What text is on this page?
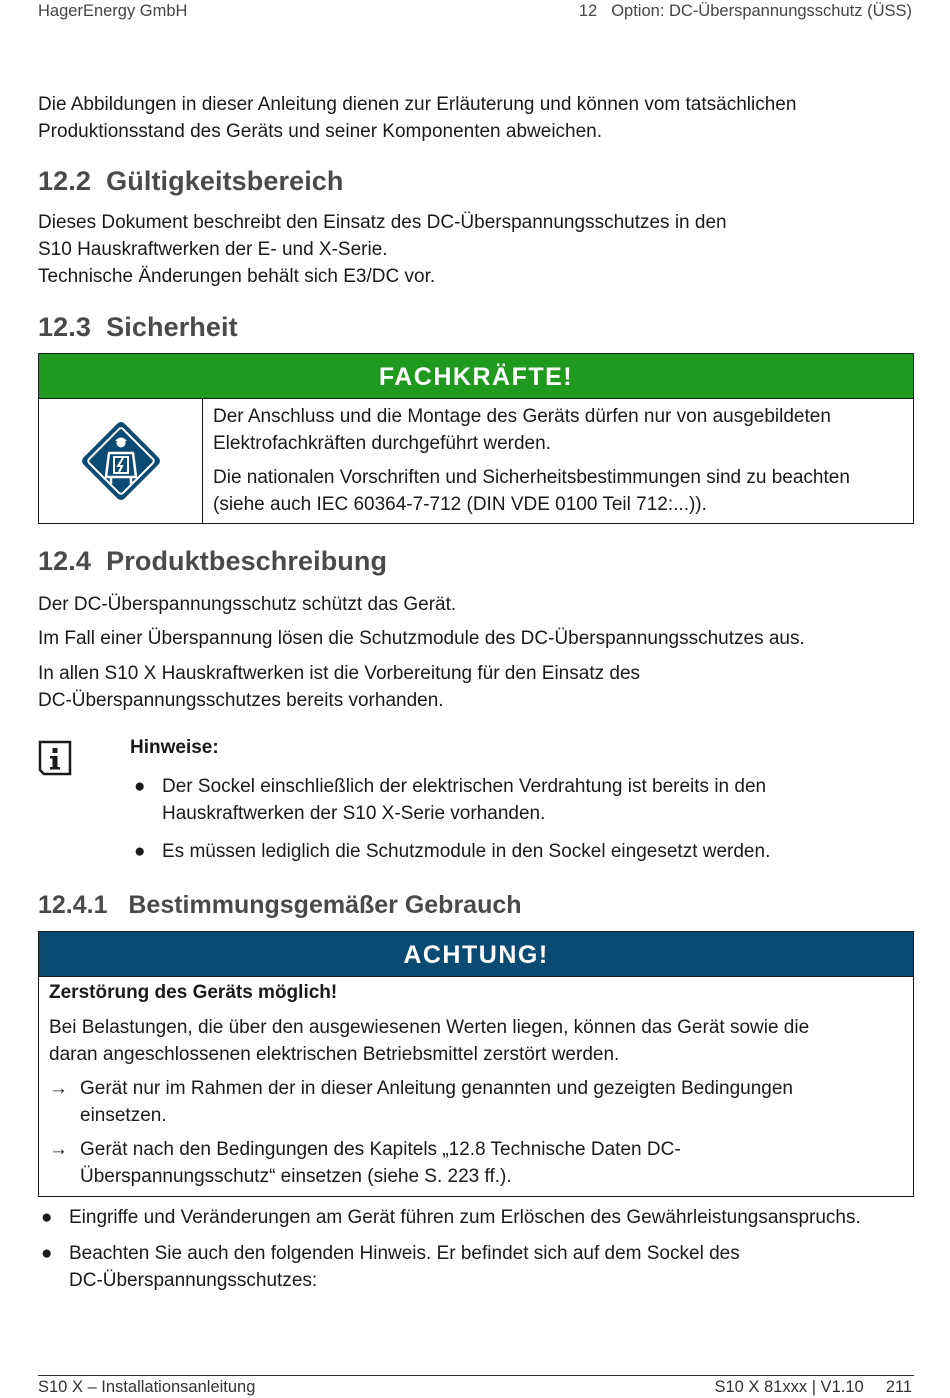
HagerEnergy GmbH	12 Option: DC-Überspannungsschutz (ÜSS)
Die Abbildungen in dieser Anleitung dienen zur Erläuterung und können vom tatsächlichen
Produktionsstand des Geräts und seiner Komponenten abweichen.
12.2 Gültigkeitsbereich
Dieses Dokument beschreibt den Einsatz des DC-Überspannungsschutzes in den
S10 Hauskraftwerken der E- und X-Serie.
Technische Änderungen behält sich E3/DC vor.
12.3 Sicherheit
FACHKRÄFTE!
Der Anschluss und die Montage des Geräts dürfen nur von ausgebildeten
Elektrofachkräften durchgeführt werden.
Die nationalen Vorschriften und Sicherheitsbestimmungen sind zu beachten
(siehe auch IEC 60364-7-712 (DIN VDE 0100 Teil 712:...)).
12.4 Produktbeschreibung
Der DC-Überspannungsschutz schützt das Gerät.
Im Fall einer Überspannung lösen die Schutzmodule des DC-Überspannungsschutzes aus.
In allen S10 X Hauskraftwerken ist die Vorbereitung für den Einsatz des
DC-Überspannungsschutzes bereits vorhanden.
Hinweise:
● Der Sockel einschließlich der elektrischen Verdrahtung ist bereits in den
Hauskraftwerken der S10 X-Serie vorhanden.
● Es müssen lediglich die Schutzmodule in den Sockel eingesetzt werden.
12.4.1 Bestimmungsgemäßer Gebrauch
ACHTUNG!
Zerstörung des Geräts möglich!
Bei Belastungen, die über den ausgewiesenen Werten liegen, können das Gerät sowie die
daran angeschlossenen elektrischen Betriebsmittel zerstört werden.
→ Gerät nur im Rahmen der in dieser Anleitung genannten und gezeigten Bedingungen
einsetzen.
→ Gerät nach den Bedingungen des Kapitels „12.8 Technische Daten DC-
Überspannungsschutz“ einsetzen (siehe S. 223 ff.).
● Eingriffe und Veränderungen am Gerät führen zum Erlöschen des Gewährleistungsanspruchs.
● Beachten Sie auch den folgenden Hinweis. Er befindet sich auf dem Sockel des
DC-Überspannungsschutzes:
S10 X – Installationsanleitung	S10 X 81xxx | V1.10 211
